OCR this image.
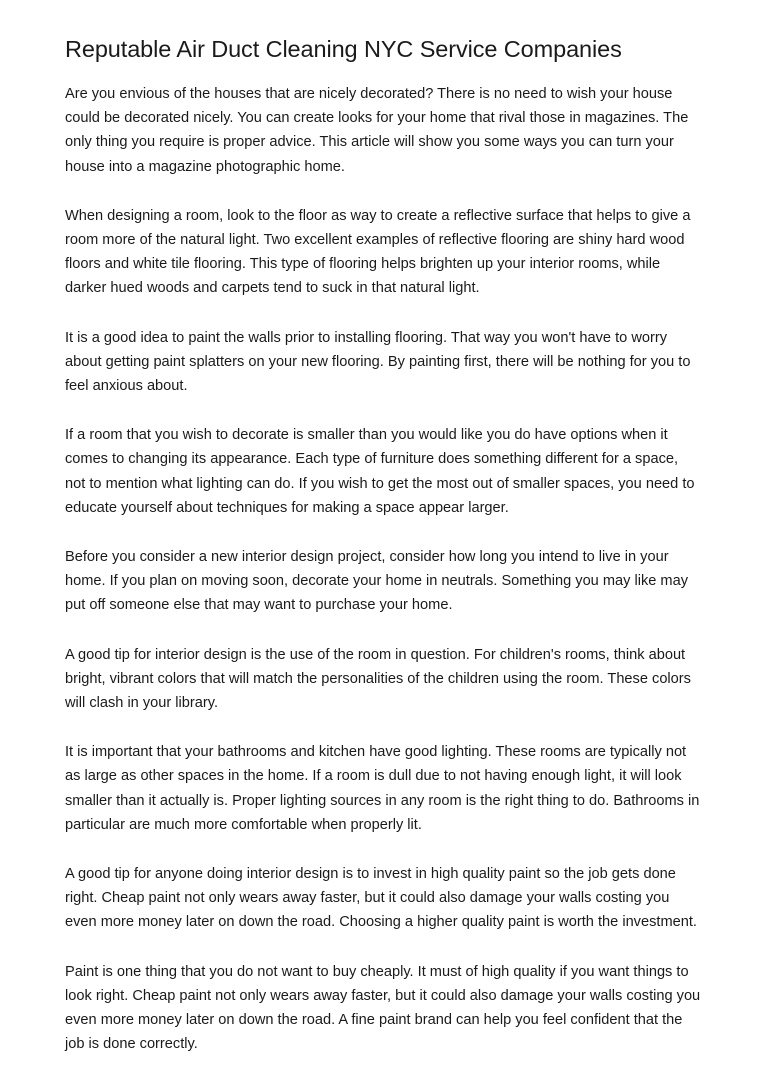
Reputable Air Duct Cleaning NYC Service Companies

Are you envious of the houses that are nicely decorated? There is no need to wish your house could be decorated nicely. You can create looks for your home that rival those in magazines. The only thing you require is proper advice. This article will show you some ways you can turn your house into a magazine photographic home.

When designing a room, look to the floor as way to create a reflective surface that helps to give a room more of the natural light. Two excellent examples of reflective flooring are shiny hard wood floors and white tile flooring. This type of flooring helps brighten up your interior rooms, while darker hued woods and carpets tend to suck in that natural light.

It is a good idea to paint the walls prior to installing flooring. That way you won't have to worry about getting paint splatters on your new flooring. By painting first, there will be nothing for you to feel anxious about.

If a room that you wish to decorate is smaller than you would like you do have options when it comes to changing its appearance. Each type of furniture does something different for a space, not to mention what lighting can do. If you wish to get the most out of smaller spaces, you need to educate yourself about techniques for making a space appear larger.

Before you consider a new interior design project, consider how long you intend to live in your home. If you plan on moving soon, decorate your home in neutrals. Something you may like may put off someone else that may want to purchase your home.

A good tip for interior design is the use of the room in question. For children's rooms, think about bright, vibrant colors that will match the personalities of the children using the room. These colors will clash in your library.

It is important that your bathrooms and kitchen have good lighting. These rooms are typically not as large as other spaces in the home. If a room is dull due to not having enough light, it will look smaller than it actually is. Proper lighting sources in any room is the right thing to do. Bathrooms in particular are much more comfortable when properly lit.

A good tip for anyone doing interior design is to invest in high quality paint so the job gets done right. Cheap paint not only wears away faster, but it could also damage your walls costing you even more money later on down the road. Choosing a higher quality paint is worth the investment.

Paint is one thing that you do not want to buy cheaply. It must of high quality if you want things to look right. Cheap paint not only wears away faster, but it could also damage your walls costing you even more money later on down the road. A fine paint brand can help you feel confident that the job is done correctly.
